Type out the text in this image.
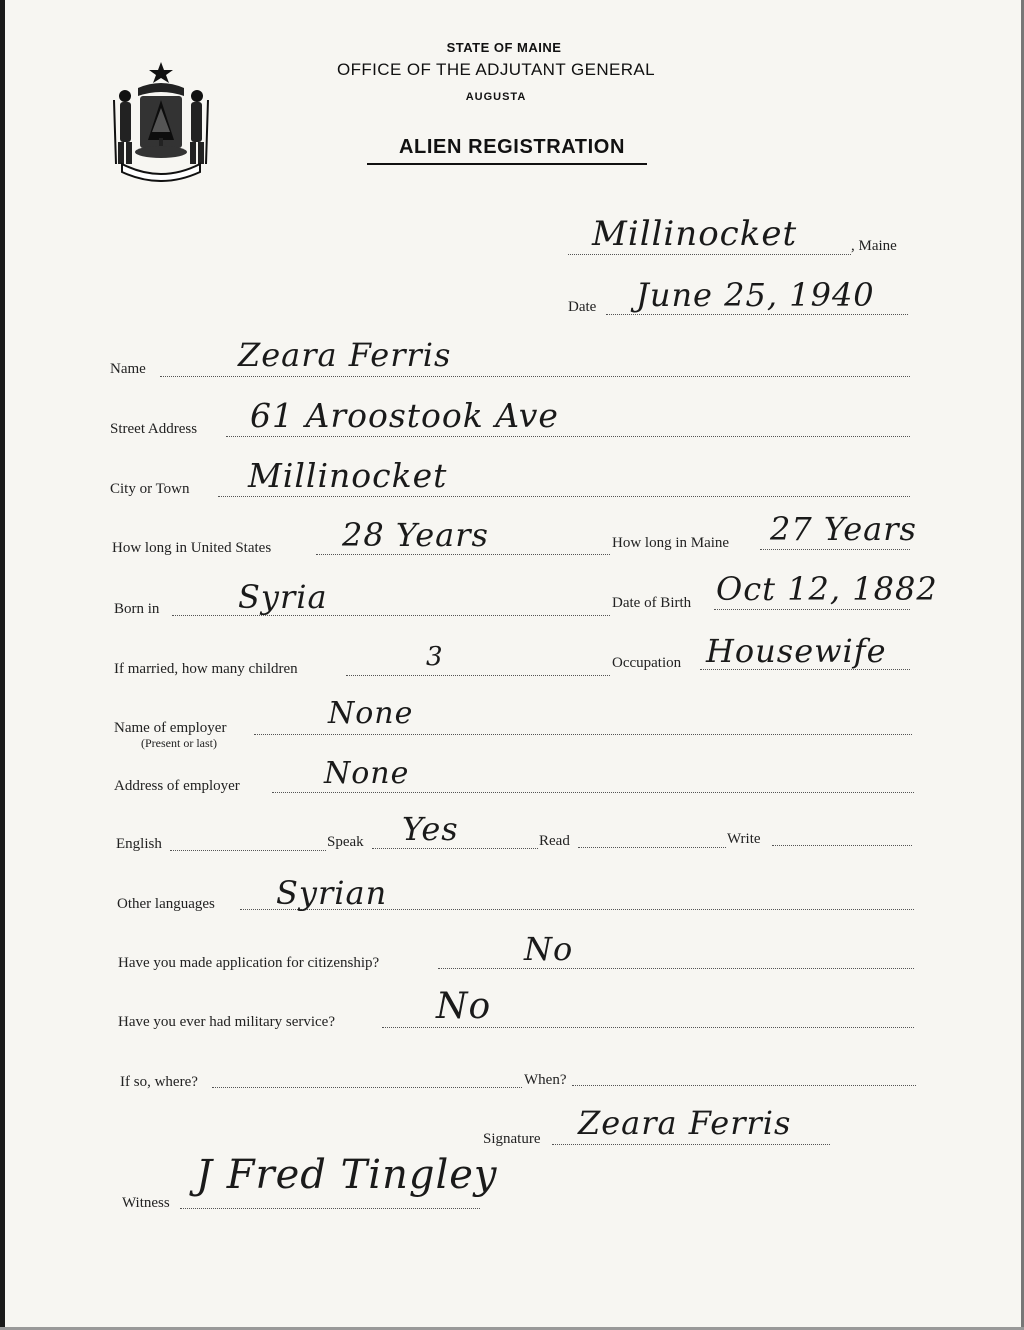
STATE OF MAINE
OFFICE OF THE ADJUTANT GENERAL
AUGUSTA
ALIEN REGISTRATION
Millinocket	, Maine
Date June 25, 1940
Name	Zeara Ferris
Street Address 61 Aroostook Ave
City or Town Millinocket
How long in United States 28 Years	How long in Maine 27 Years
Born in Syria	Date of Birth Oct 12, 1882
If married, how many children	3	Occupation Housewife
Name of employer
(Present or last)
None
Address of employer	None
English	Speak Yes	Read	Write
Other languages Syrian
Have you made application for citizenship?	No
Have you ever had military service?	No
If so, where?	When?
Signature Zeara Ferris
Witness
J Fred Tingley
